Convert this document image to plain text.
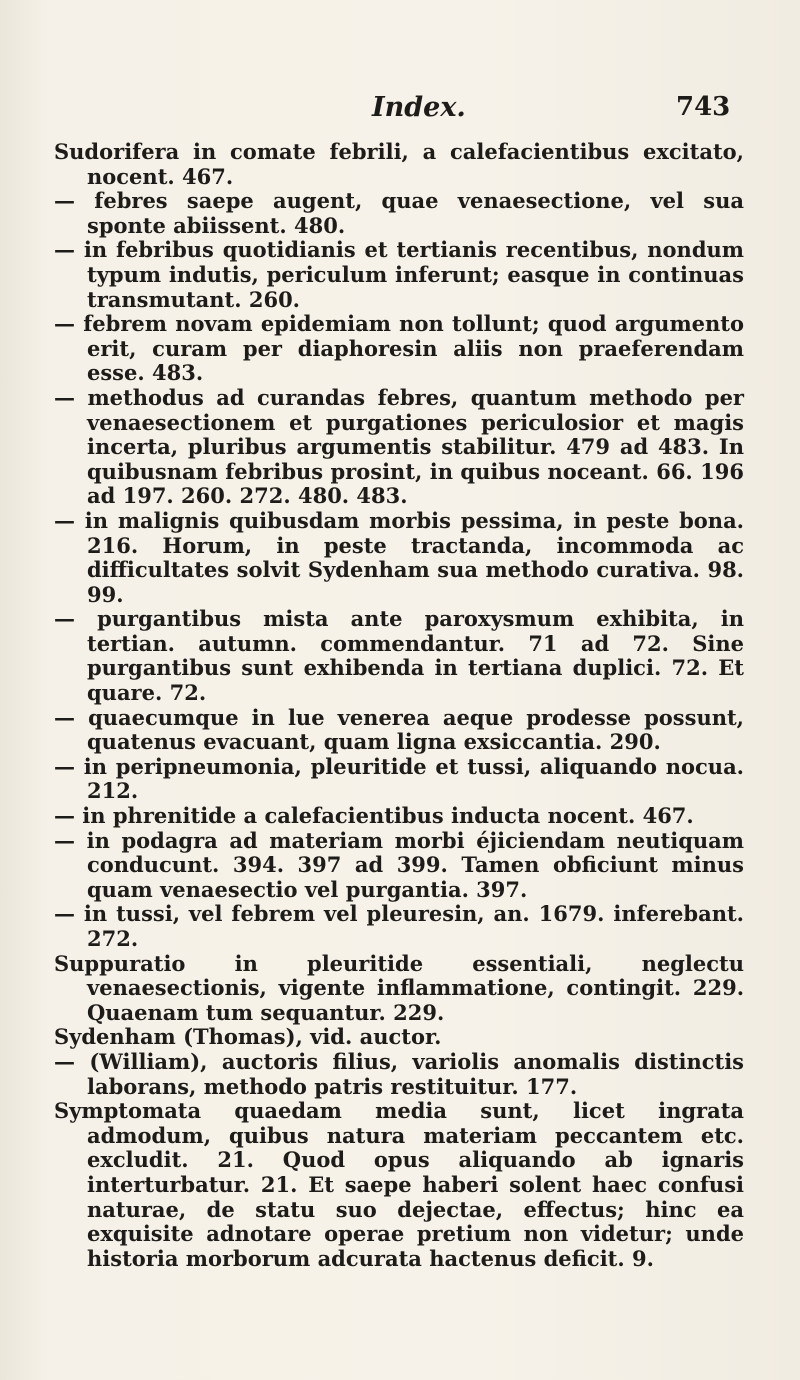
Index.	743

Sudorifera in comate febrili, a calefacientibus excitato, nocent. 467.

— febres saepe augent, quae venaesectione, vel sua sponte abiissent. 480.

— in febribus quotidianis et tertianis recentibus, nondum typum indutis, periculum inferunt; easque in continuas transmutant. 260.

— febrem novam epidemiam non tollunt; quod argumento erit, curam per diaphoresin aliis non praeferendam esse. 483.

— methodus ad curandas febres, quantum methodo per venaesectionem et purgationes periculosior et magis incerta, pluribus argumentis stabilitur. 479 ad 483. In quibusnam febribus prosint, in quibus noceant. 66. 196 ad 197. 260. 272. 480. 483.

— in malignis quibusdam morbis pessima, in peste bona. 216. Horum, in peste tractanda, incommoda ac difficultates solvit Sydenham sua methodo curativa. 98. 99.

— purgantibus mista ante paroxysmum exhibita, in tertian. autumn. commendantur. 71 ad 72. Sine purgantibus sunt exhibenda in tertiana duplici. 72. Et quare. 72.

— quaecumque in lue venerea aeque prodesse possunt, quatenus evacuant, quam ligna exsiccantia. 290.

— in peripneumonia, pleuritide et tussi, aliquando nocua. 212.

— in phrenitide a calefacientibus inducta nocent. 467.

— in podagra ad materiam morbi éjiciendam neutiquam conducunt. 394. 397 ad 399. Tamen obficiunt minus quam venaesectio vel purgantia. 397.

— in tussi, vel febrem vel pleuresin, an. 1679. inferebant. 272.

Suppuratio in pleuritide essentiali, neglectu venaesectionis, vigente inflammatione, contingit. 229. Quaenam tum sequantur. 229.

Sydenham (Thomas), vid. auctor.

— (William), auctoris filius, variolis anomalis distinctis laborans, methodo patris restituitur. 177.

Symptomata quaedam media sunt, licet ingrata admodum, quibus natura materiam peccantem etc. excludit. 21. Quod opus aliquando ab ignaris interturbatur. 21. Et saepe haberi solent haec confusi naturae, de statu suo dejectae, effectus; hinc ea exquisite adnotare operae pretium non videtur; unde historia morborum adcurata hactenus deficit. 9.
